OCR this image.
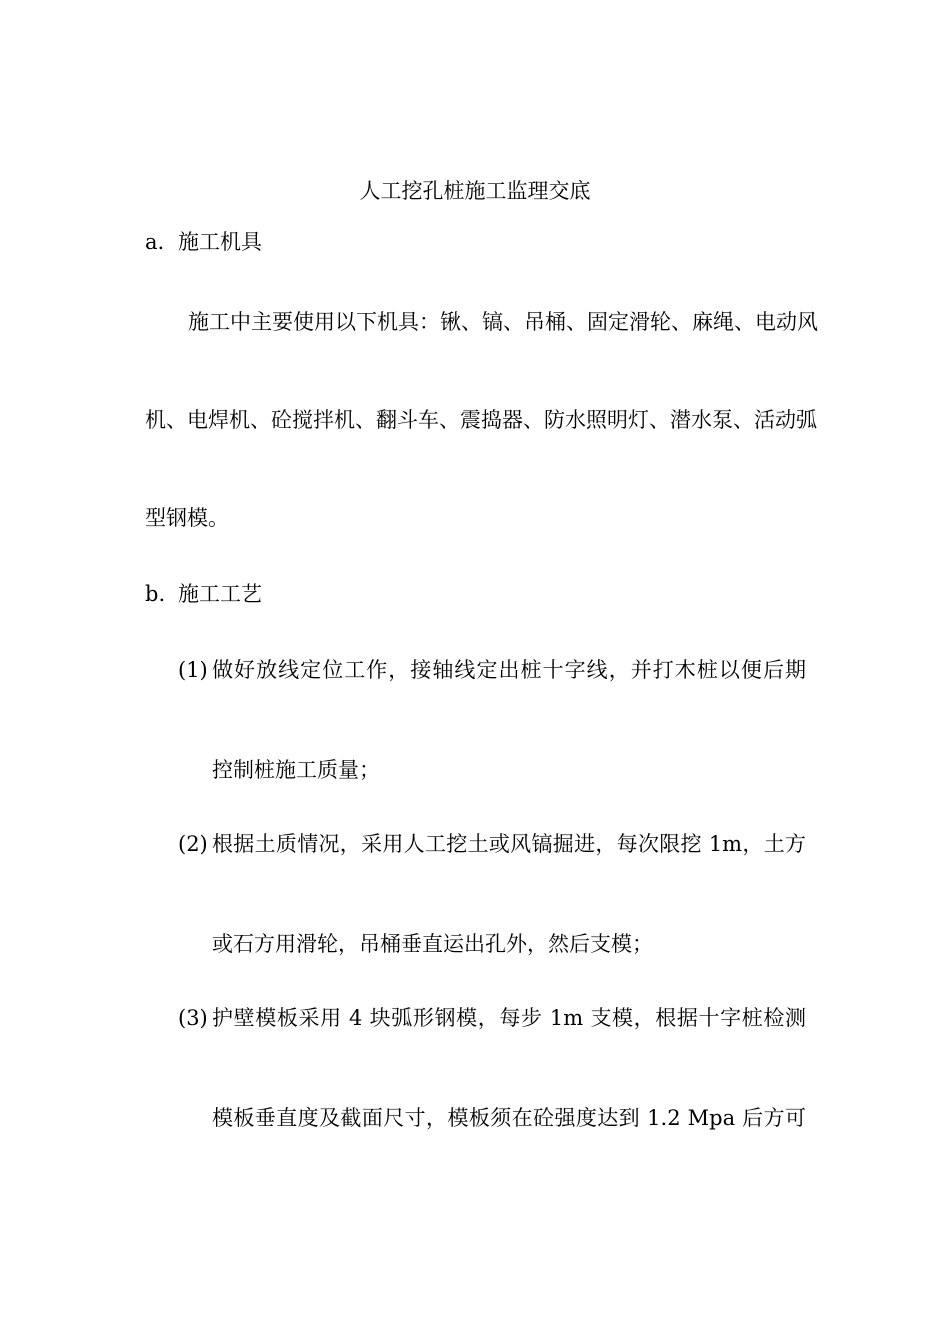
人工挖孔桩施工监理交底
a. 施工机具
施工中主要使用以下机具：锹、镐、吊桶、固定滑轮、麻绳、电动风
机、电焊机、砼搅拌机、翻斗车、震捣器、防水照明灯、潜水泵、活动弧
型钢模。
b. 施工工艺
(1) 做好放线定位工作，接轴线定出桩十字线，并打木桩以便后期
控制桩施工质量；
(2) 根据土质情况，采用人工挖土或风镐掘进，每次限挖 1m，土方
或石方用滑轮，吊桶垂直运出孔外，然后支模；
(3) 护壁模板采用 4 块弧形钢模，每步 1m 支模，根据十字桩检测
模板垂直度及截面尺寸，模板须在砼强度达到 1.2 Mpa 后方可
